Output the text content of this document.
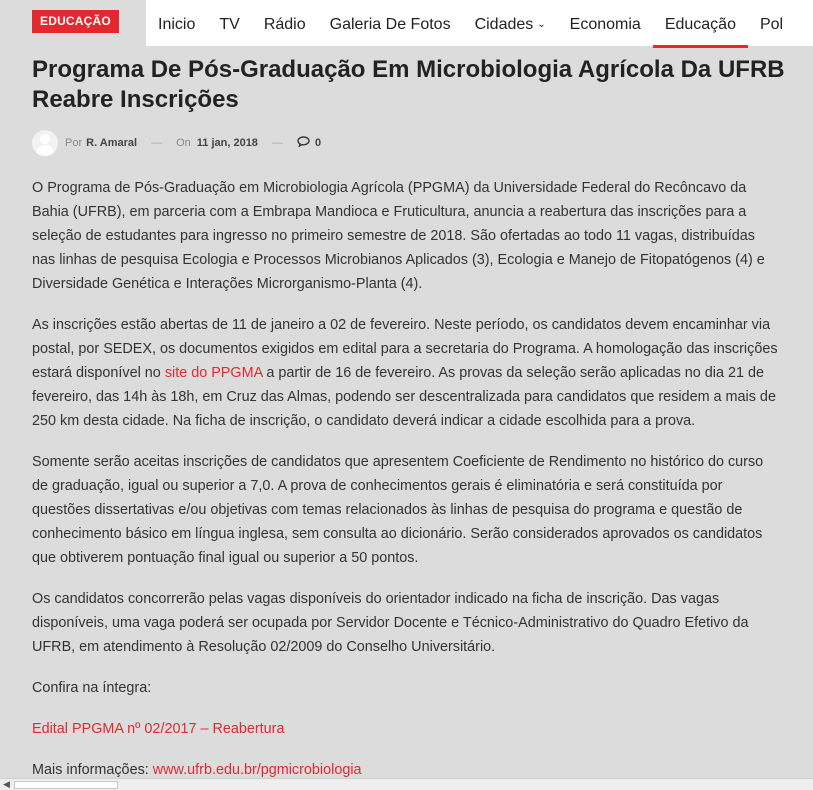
EDUCAÇÃO	Inicio	TV	Rádio	Galeria De Fotos	Cidades ⌄	Economia	Educação	Pol
Programa De Pós-Graduação Em Microbiologia Agrícola Da UFRB Reabre Inscrições
Por R. Amaral — On 11 jan, 2018 —	0

O Programa de Pós-Graduação em Microbiologia Agrícola (PPGMA) da Universidade Federal do Recôncavo da Bahia (UFRB), em parceria com a Embrapa Mandioca e Fruticultura, anuncia a reabertura das inscrições para a seleção de estudantes para ingresso no primeiro semestre de 2018. São ofertadas ao todo 11 vagas, distribuídas nas linhas de pesquisa Ecologia e Processos Microbianos Aplicados (3), Ecologia e Manejo de Fitopatógenos (4) e Diversidade Genética e Interações Microrganismo-Planta (4).

As inscrições estão abertas de 11 de janeiro a 02 de fevereiro. Neste período, os candidatos devem encaminhar via postal, por SEDEX, os documentos exigidos em edital para a secretaria do Programa. A homologação das inscrições estará disponível no site do PPGMA a partir de 16 de fevereiro. As provas da seleção serão aplicadas no dia 21 de fevereiro, das 14h às 18h, em Cruz das Almas, podendo ser descentralizada para candidatos que residem a mais de 250 km desta cidade. Na ficha de inscrição, o candidato deverá indicar a cidade escolhida para a prova.

Somente serão aceitas inscrições de candidatos que apresentem Coeficiente de Rendimento no histórico do curso de graduação, igual ou superior a 7,0. A prova de conhecimentos gerais é eliminatória e será constituída por questões dissertativas e/ou objetivas com temas relacionados às linhas de pesquisa do programa e questão de conhecimento básico em língua inglesa, sem consulta ao dicionário. Serão considerados aprovados os candidatos que obtiverem pontuação final igual ou superior a 50 pontos.

Os candidatos concorrerão pelas vagas disponíveis do orientador indicado na ficha de inscrição. Das vagas disponíveis, uma vaga poderá ser ocupada por Servidor Docente e Técnico-Administrativo do Quadro Efetivo da UFRB, em atendimento à Resolução 02/2009 do Conselho Universitário.

Confira na íntegra:

Edital PPGMA nº 02/2017 – Reabertura

Mais informações: www.ufrb.edu.br/pgmicrobiologia

◀
